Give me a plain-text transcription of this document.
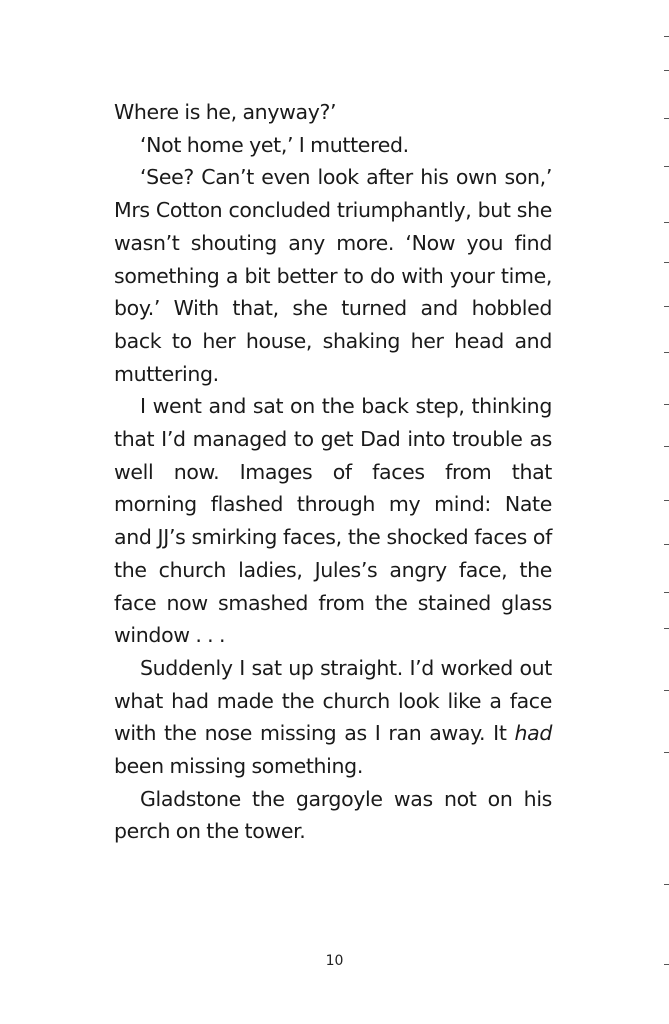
Where is he, anyway?’

‘Not home yet,’ I muttered.

‘See? Can’t even look after his own son,’ Mrs Cotton concluded triumphantly, but she wasn’t shouting any more. ‘Now you find something a bit better to do with your time, boy.’ With that, she turned and hobbled back to her house, shaking her head and muttering.

I went and sat on the back step, thinking that I’d managed to get Dad into trouble as well now. Images of faces from that morning flashed through my mind: Nate and JJ’s smirking faces, the shocked faces of the church ladies, Jules’s angry face, the face now smashed from the stained glass window . . .

Suddenly I sat up straight. I’d worked out what had made the church look like a face with the nose missing as I ran away. It had been missing something.

Gladstone the gargoyle was not on his perch on the tower.

10
